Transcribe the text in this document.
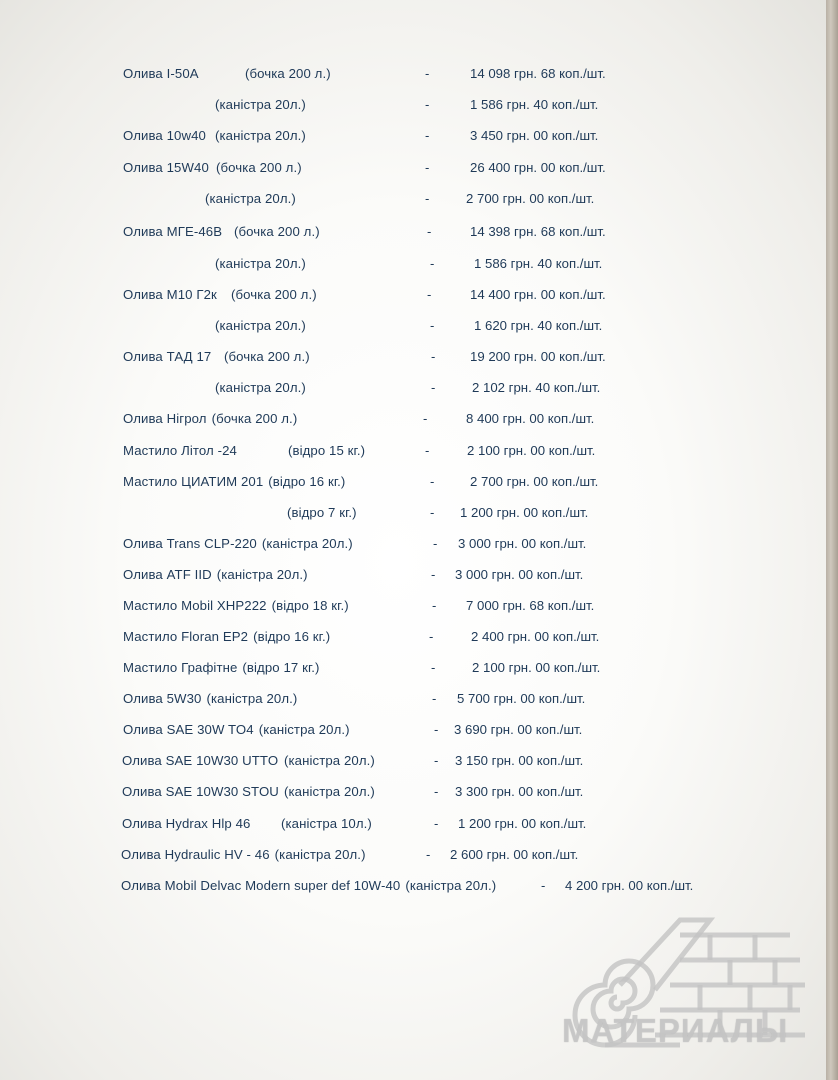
Олива I-50А	(бочка 200 л.)	-	14 098 грн. 68 коп./шт.
(каністра 20л.)	-	1 586 грн. 40 коп./шт.
Олива 10w40 (каністра 20л.)	-	3 450 грн. 00 коп./шт.
Олива 15W40 (бочка 200 л.)	-	26 400 грн. 00 коп./шт.
(каністра 20л.)	-	2 700 грн. 00 коп./шт.
Олива МГЕ-46В (бочка 200 л.)	-	14 398 грн. 68 коп./шт.
(каністра 20л.)	-	1 586 грн. 40 коп./шт.
Олива М10 Г2к (бочка 200 л.)	-	14 400 грн. 00 коп./шт.
(каністра 20л.)	-	1 620 грн. 40 коп./шт.
Олива ТАД 17 (бочка 200 л.)	-	19 200 грн. 00 коп./шт.
(каністра 20л.)	-	2 102 грн. 40 коп./шт.
Олива Нігрол (бочка 200 л.)	-	8 400 грн. 00 коп./шт.
Мастило Літол -24	(відро 15 кг.)	-	2 100 грн. 00 коп./шт.
Мастило ЦИАТИМ 201 (відро 16 кг.)	-	2 700 грн. 00 коп./шт.
(відро 7 кг.)	- 1 200 грн. 00 коп./шт.
Олива Trans CLP-220 (каністра 20л.)	- 3 000 грн. 00 коп./шт.
Олива ATF IID (каністра 20л.)	- 3 000 грн. 00 коп./шт.
Мастило Mobil XHP222 (відро 18 кг.)	- 7 000 грн. 68 коп./шт.
Мастило Floran EP2 (відро 16 кг.)	-	2 400 грн. 00 коп./шт.
Мастило Графітне (відро 17 кг.)	-	2 100 грн. 00 коп./шт.
Олива 5W30 (каністра 20л.)	- 5 700 грн. 00 коп./шт.
Олива SAE 30W TO4 (каністра 20л.)	- 3 690 грн. 00 коп./шт.
Олива SAE 10W30 UTTO (каністра 20л.)	- 3 150 грн. 00 коп./шт.
Олива SAE 10W30 STOU (каністра 20л.)	- 3 300 грн. 00 коп./шт.
Олива Hydrax Hlp 46 (каністра 10л.)	- 1 200 грн. 00 коп./шт.
Олива Hydraulic HV - 46 (каністра 20л.)	- 2 600 грн. 00 коп./шт.
Олива Mobil Delvac Modern super def 10W-40 (каністра 20л.)	- 4 200 грн. 00 коп./шт.
МАТЕРИАЛЫ
